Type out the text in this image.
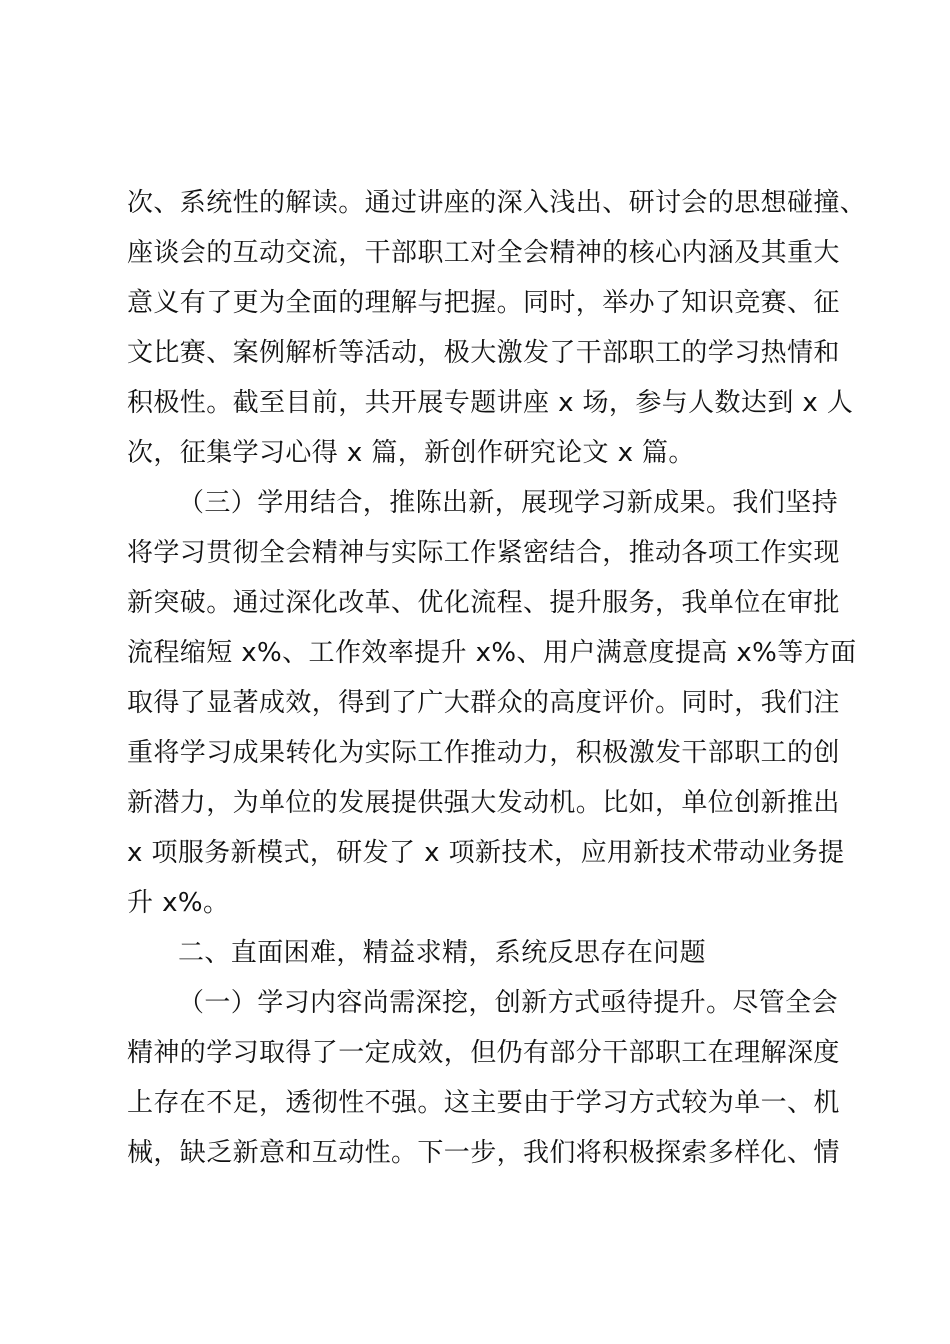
次、系统性的解读。通过讲座的深入浅出、研讨会的思想碰撞、
座谈会的互动交流，干部职工对全会精神的核心内涵及其重大
意义有了更为全面的理解与把握。同时，举办了知识竞赛、征
文比赛、案例解析等活动，极大激发了干部职工的学习热情和
积极性。截至目前，共开展专题讲座 x 场，参与人数达到 x 人
次，征集学习心得 x 篇，新创作研究论文 x 篇。
（三）学用结合，推陈出新，展现学习新成果。我们坚持
将学习贯彻全会精神与实际工作紧密结合，推动各项工作实现
新突破。通过深化改革、优化流程、提升服务，我单位在审批
流程缩短 x%、工作效率提升 x%、用户满意度提高 x%等方面
取得了显著成效，得到了广大群众的高度评价。同时，我们注
重将学习成果转化为实际工作推动力，积极激发干部职工的创
新潜力，为单位的发展提供强大发动机。比如，单位创新推出
x 项服务新模式，研发了 x 项新技术，应用新技术带动业务提
升 x%。
二、直面困难，精益求精，系统反思存在问题
（一）学习内容尚需深挖，创新方式亟待提升。尽管全会
精神的学习取得了一定成效，但仍有部分干部职工在理解深度
上存在不足，透彻性不强。这主要由于学习方式较为单一、机
械，缺乏新意和互动性。下一步，我们将积极探索多样化、情
